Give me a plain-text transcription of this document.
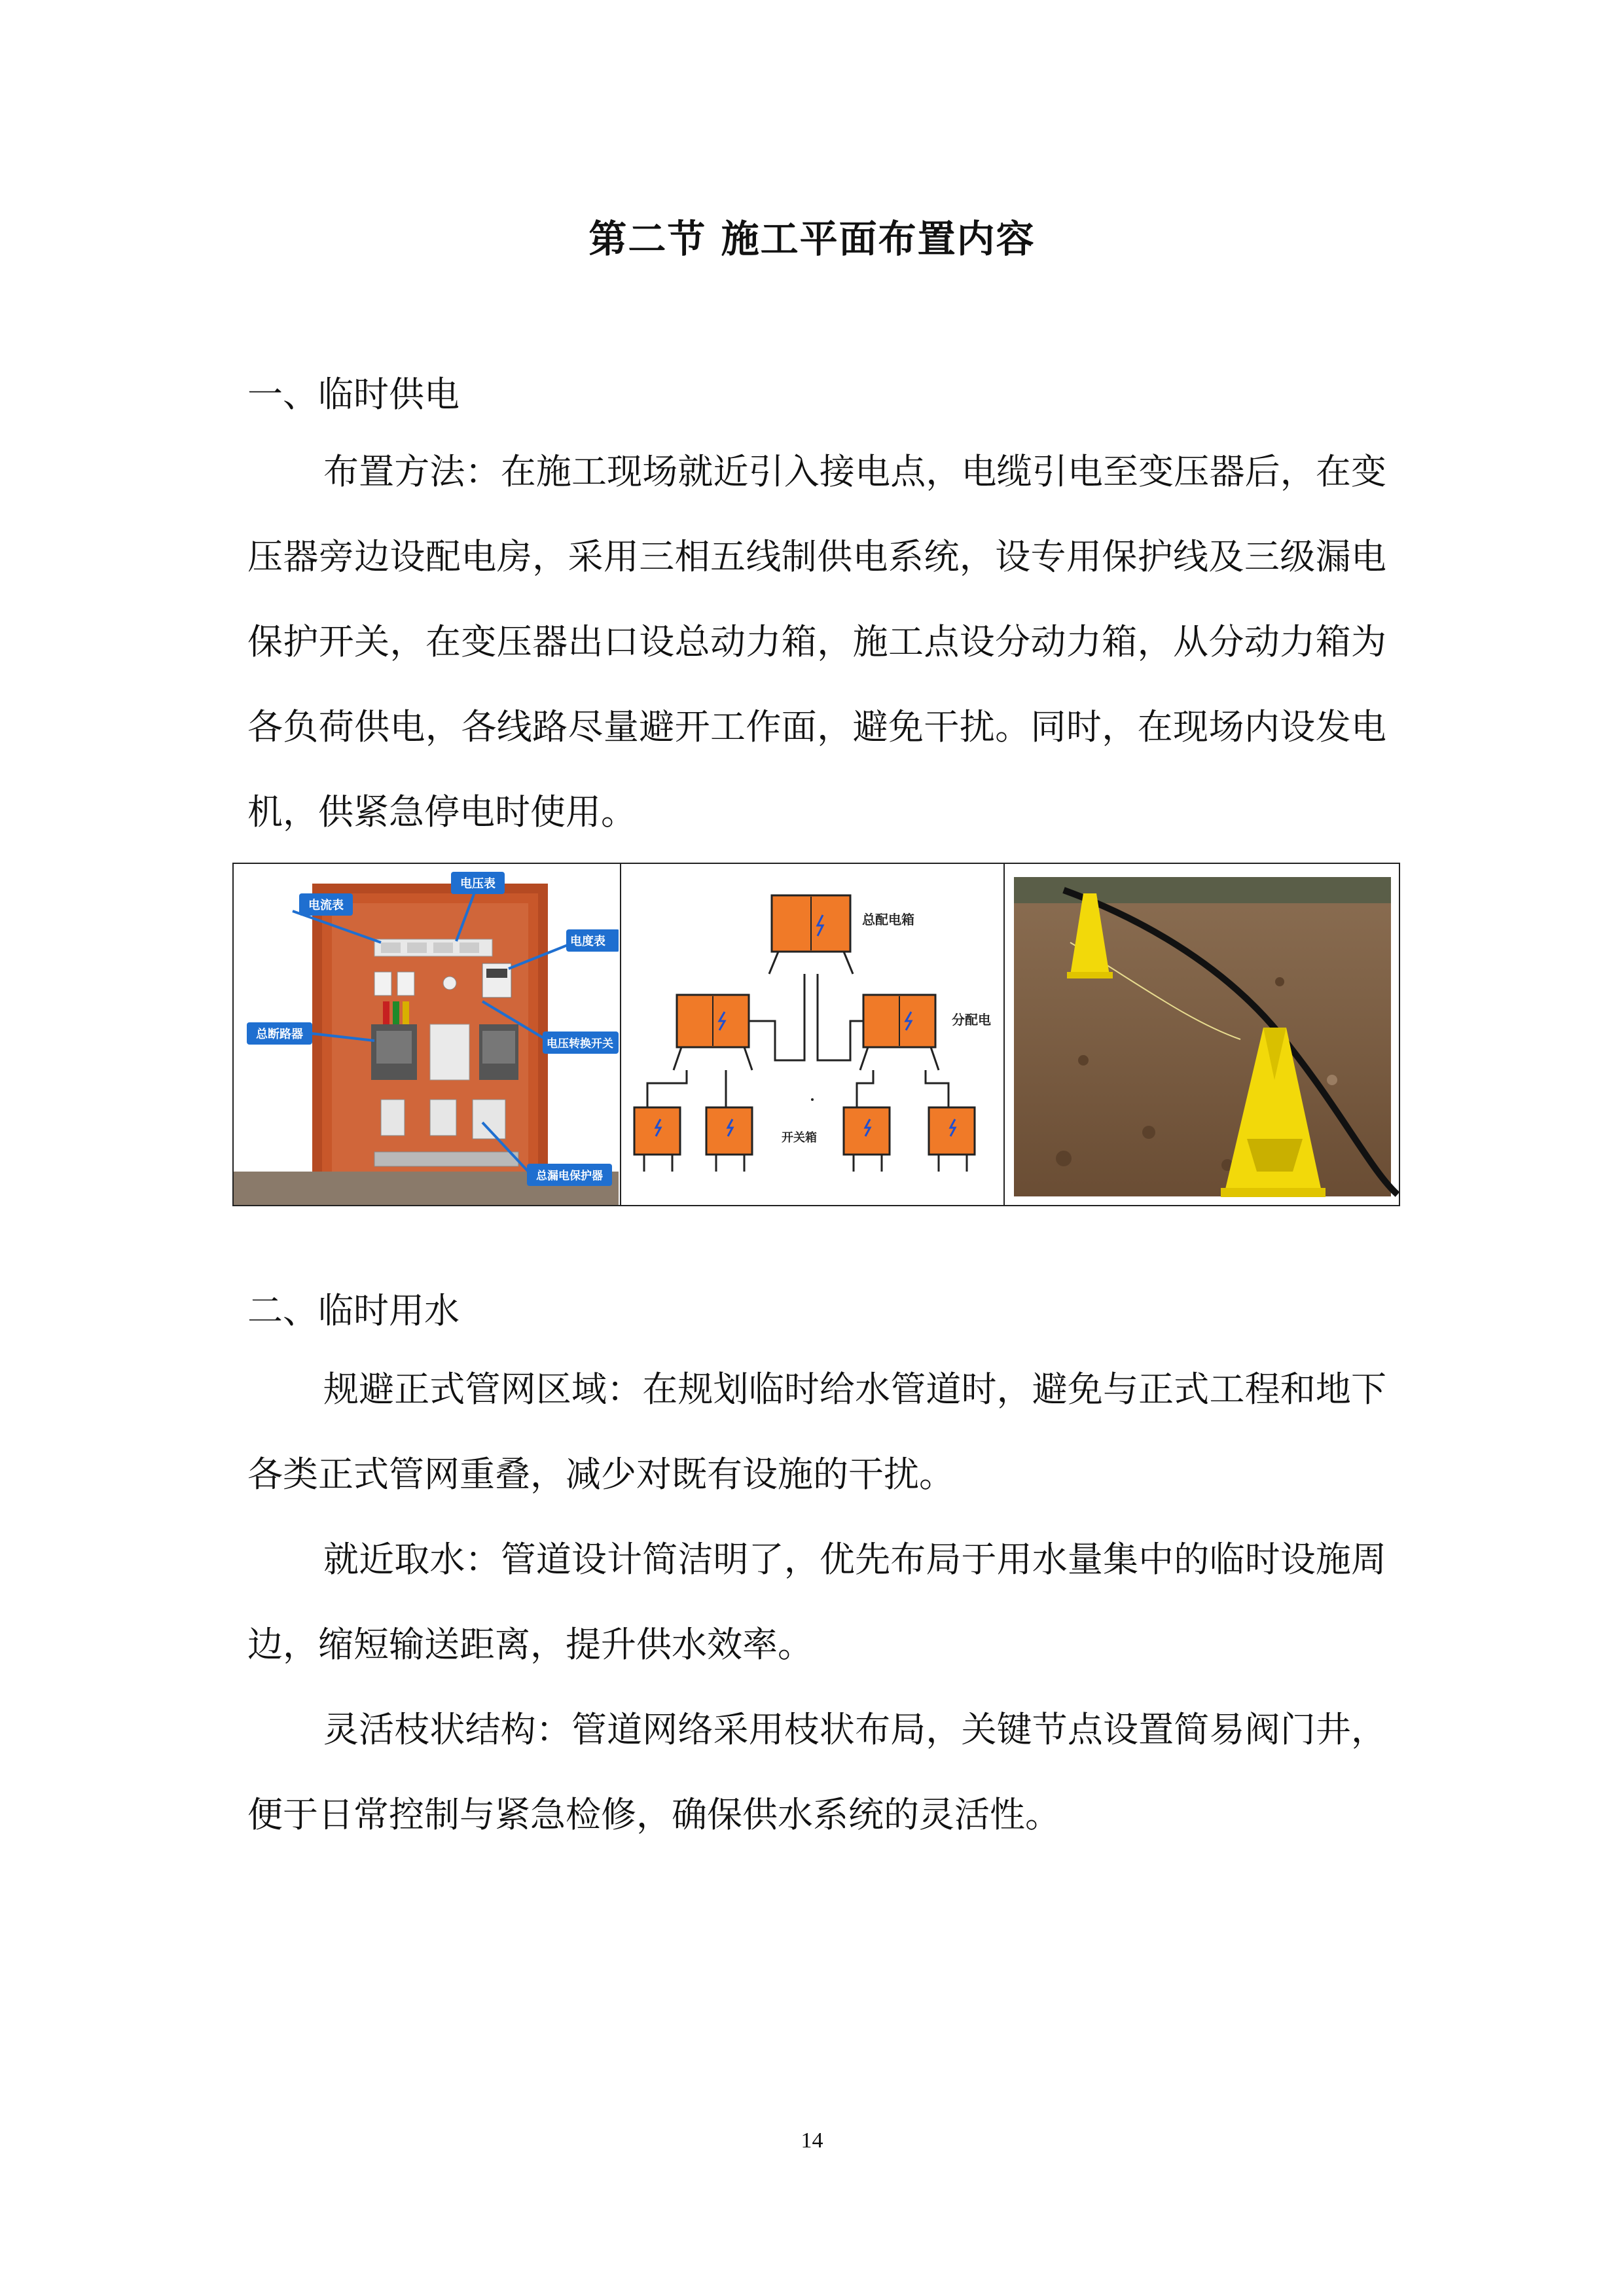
第二节 施工平面布置内容
一、临时供电

布置方法：在施工现场就近引入接电点，电缆引电至变压器后，在变压器旁边设配电房，采用三相五线制供电系统，设专用保护线及三级漏电保护开关，在变压器出口设总动力箱，施工点设分动力箱，从分动力箱为各负荷供电，各线路尽量避开工作面，避免干扰。同时，在现场内设发电机，供紧急停电时使用。

电流表
电压表
电度表
总断路器
电压转换开关
总漏电保护器
总配电箱
分配电
开关箱
二、临时用水

规避正式管网区域：在规划临时给水管道时，避免与正式工程和地下各类正式管网重叠，减少对既有设施的干扰。

就近取水：管道设计简洁明了，优先布局于用水量集中的临时设施周边，缩短输送距离，提升供水效率。

灵活枝状结构：管道网络采用枝状布局，关键节点设置简易阀门井，便于日常控制与紧急检修，确保供水系统的灵活性。

14
